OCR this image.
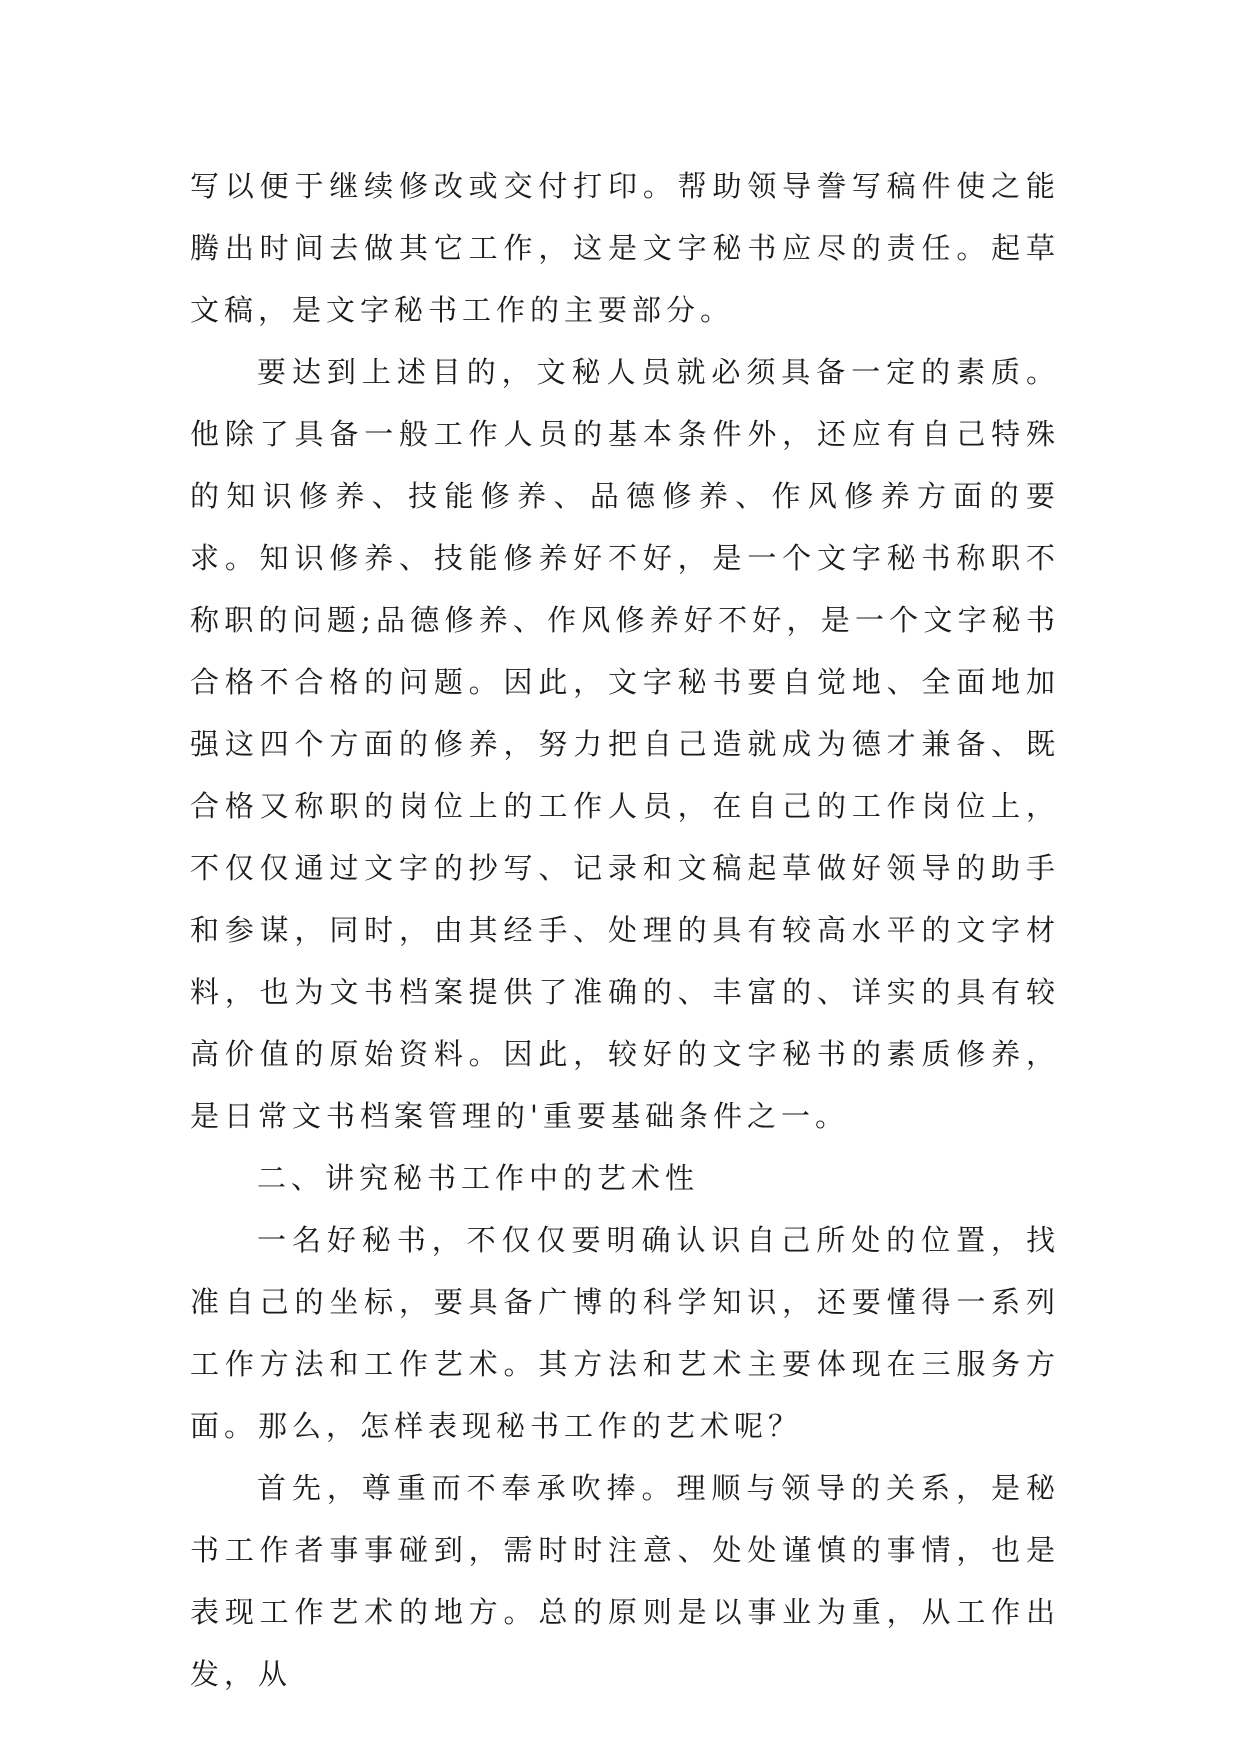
写以便于继续修改或交付打印。帮助领导誊写稿件使之能腾出时间去做其它工作，这是文字秘书应尽的责任。起草文稿，是文字秘书工作的主要部分。

要达到上述目的，文秘人员就必须具备一定的素质。他除了具备一般工作人员的基本条件外，还应有自己特殊的知识修养、技能修养、品德修养、作风修养方面的要求。知识修养、技能修养好不好，是一个文字秘书称职不称职的问题;品德修养、作风修养好不好，是一个文字秘书合格不合格的问题。因此，文字秘书要自觉地、全面地加强这四个方面的修养，努力把自己造就成为德才兼备、既合格又称职的岗位上的工作人员，在自己的工作岗位上，不仅仅通过文字的抄写、记录和文稿起草做好领导的助手和参谋，同时，由其经手、处理的具有较高水平的文字材料，也为文书档案提供了准确的、丰富的、详实的具有较高价值的原始资料。因此，较好的文字秘书的素质修养，是日常文书档案管理的'重要基础条件之一。

二、讲究秘书工作中的艺术性

一名好秘书，不仅仅要明确认识自己所处的位置，找准自己的坐标，要具备广博的科学知识，还要懂得一系列工作方法和工作艺术。其方法和艺术主要体现在三服务方面。那么，怎样表现秘书工作的艺术呢？

首先，尊重而不奉承吹捧。理顺与领导的关系，是秘书工作者事事碰到，需时时注意、处处谨慎的事情，也是表现工作艺术的地方。总的原则是以事业为重，从工作出发，从
